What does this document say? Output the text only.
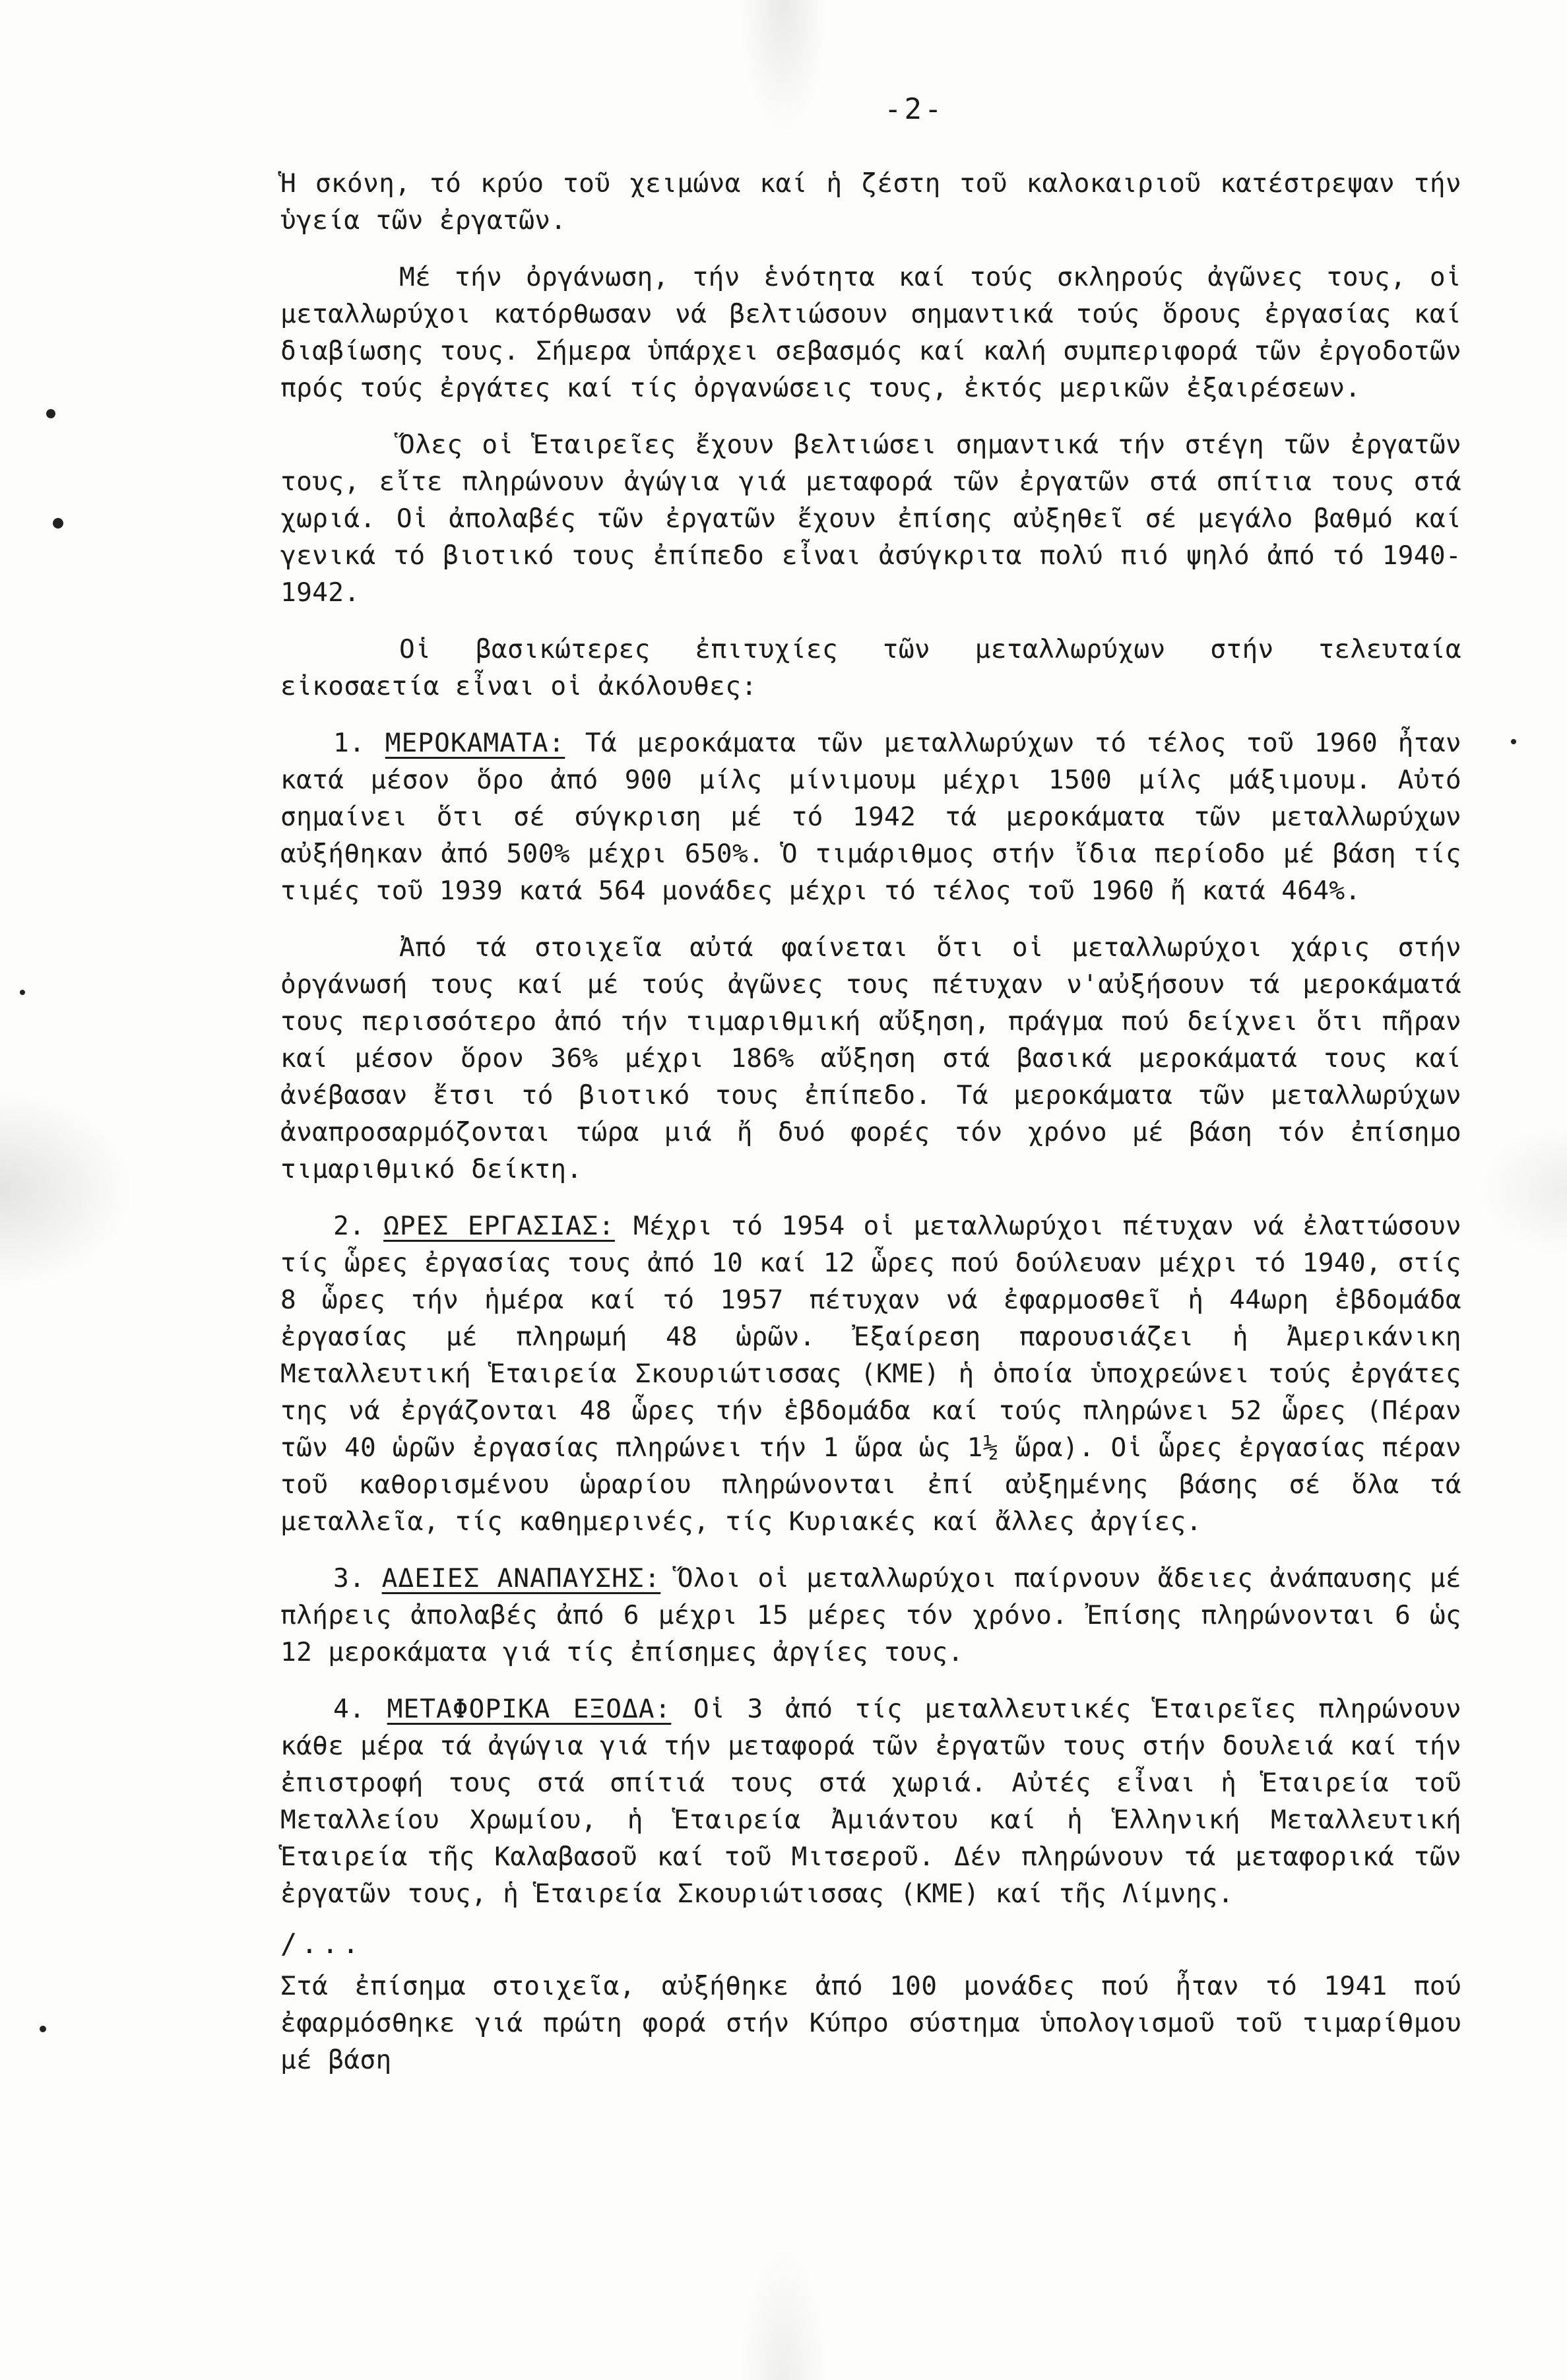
-2-

Ἡ σκόνη, τό κρύο τοῦ χειμώνα καί ἡ ζέστη τοῦ καλοκαιριοῦ κατέστρεψαν τήν ὑγεία τῶν ἐργατῶν.

Μέ τήν ὀργάνωση, τήν ἑνότητα καί τούς σκληρούς ἀγῶνες τους, οἱ μεταλλωρύχοι κατόρθωσαν νά βελτιώσουν σημαντικά τούς ὅρους ἐργασίας καί διαβίωσης τους. Σήμερα ὑπάρχει σεβασμός καί καλή συμπεριφορά τῶν ἐργοδοτῶν πρός τούς ἐργάτες καί τίς ὀργανώσεις τους, ἐκτός μερικῶν ἐξαιρέσεων.

Ὅλες οἱ Ἑταιρεῖες ἔχουν βελτιώσει σημαντικά τήν στέγη τῶν ἐργατῶν τους, εἴτε πληρώνουν ἀγώγια γιά μεταφορά τῶν ἐργατῶν στά σπίτια τους στά χωριά. Οἱ ἀπολαβές τῶν ἐργατῶν ἔχουν ἐπίσης αὐξηθεῖ σέ μεγάλο βαθμό καί γενικά τό βιοτικό τους ἐπίπεδο εἶναι ἀσύγκριτα πολύ πιό ψηλό ἀπό τό 1940-1942.

Οἱ βασικώτερες ἐπιτυχίες τῶν μεταλλωρύχων στήν τελευταία εἰκοσαετία εἶναι οἱ ἀκόλουθες:

1. ΜΕΡΟΚΑΜΑΤΑ: Τά μεροκάματα τῶν μεταλλωρύχων τό τέλος τοῦ 1960 ἦταν κατά μέσον ὅρο ἀπό 900 μίλς μίνιμουμ μέχρι 1500 μίλς μάξιμουμ. Αὐτό σημαίνει ὅτι σέ σύγκριση μέ τό 1942 τά μεροκάματα τῶν μεταλλωρύχων αὐξήθηκαν ἀπό 500% μέχρι 650%. Ὁ τιμάριθμος στήν ἴδια περίοδο μέ βάση τίς τιμές τοῦ 1939 κατά 564 μονάδες μέχρι τό τέλος τοῦ 1960 ἤ κατά 464%.

Ἀπό τά στοιχεῖα αὐτά φαίνεται ὅτι οἱ μεταλλωρύχοι χάρις στήν ὀργάνωσή τους καί μέ τούς ἀγῶνες τους πέτυχαν ν'αὐξήσουν τά μεροκάματά τους περισσότερο ἀπό τήν τιμαριθμική αὔξηση, πράγμα πού δείχνει ὅτι πῆραν καί μέσον ὅρον 36% μέχρι 186% αὔξηση στά βασικά μεροκάματά τους καί ἀνέβασαν ἔτσι τό βιοτικό τους ἐπίπεδο. Τά μεροκάματα τῶν μεταλλωρύχων ἀναπροσαρμόζονται τώρα μιά ἤ δυό φορές τόν χρόνο μέ βάση τόν ἐπίσημο τιμαριθμικό δείκτη.

2. ΩΡΕΣ ΕΡΓΑΣΙΑΣ: Μέχρι τό 1954 οἱ μεταλλωρύχοι πέτυχαν νά ἐλαττώσουν τίς ὧρες ἐργασίας τους ἀπό 10 καί 12 ὧρες πού δούλευαν μέχρι τό 1940, στίς 8 ὧρες τήν ἡμέρα καί τό 1957 πέτυχαν νά ἐφαρμοσθεῖ ἡ 44ωρη ἑβδομάδα ἐργασίας μέ πληρωμή 48 ὡρῶν. Ἐξαίρεση παρουσιάζει ἡ Ἀμερικάνικη Μεταλλευτική Ἑταιρεία Σκουριώτισσας (ΚΜΕ) ἡ ὁποία ὑποχρεώνει τούς ἐργάτες της νά ἐργάζονται 48 ὧρες τήν ἑβδομάδα καί τούς πληρώνει 52 ὧρες (Πέραν τῶν 40 ὡρῶν ἐργασίας πληρώνει τήν 1 ὥρα ὡς 1½ ὥρα). Οἱ ὧρες ἐργασίας πέραν τοῦ καθορισμένου ὡραρίου πληρώνονται ἐπί αὐξημένης βάσης σέ ὅλα τά μεταλλεῖα, τίς καθημερινές, τίς Κυριακές καί ἄλλες ἀργίες.

3. ΑΔΕΙΕΣ ΑΝΑΠΑΥΣΗΣ: Ὅλοι οἱ μεταλλωρύχοι παίρνουν ἄδειες ἀνάπαυσης μέ πλήρεις ἀπολαβές ἀπό 6 μέχρι 15 μέρες τόν χρόνο. Ἐπίσης πληρώνονται 6 ὡς 12 μεροκάματα γιά τίς ἐπίσημες ἀργίες τους.

4. ΜΕΤΑΦΟΡΙΚΑ ΕΞΟΔΑ: Οἱ 3 ἀπό τίς μεταλλευτικές Ἑταιρεῖες πληρώνουν κάθε μέρα τά ἀγώγια γιά τήν μεταφορά τῶν ἐργατῶν τους στήν δουλειά καί τήν ἐπιστροφή τους στά σπίτιά τους στά χωριά. Αὐτές εἶναι ἡ Ἑταιρεία τοῦ Μεταλλείου Χρωμίου, ἡ Ἑταιρεία Ἀμιάντου καί ἡ Ἑλληνική Μεταλλευτική Ἑταιρεία τῆς Καλαβασοῦ καί τοῦ Μιτσεροῦ. Δέν πληρώνουν τά μεταφορικά τῶν ἐργατῶν τους, ἡ Ἑταιρεία Σκουριώτισσας (ΚΜΕ) καί τῆς Λίμνης.

/...

Στά ἐπίσημα στοιχεῖα, αὐξήθηκε ἀπό 100 μονάδες πού ἦταν τό 1941 πού ἐφαρμόσθηκε γιά πρώτη φορά στήν Κύπρο σύστημα ὑπολογισμοῦ τοῦ τιμαρίθμου μέ βάση
